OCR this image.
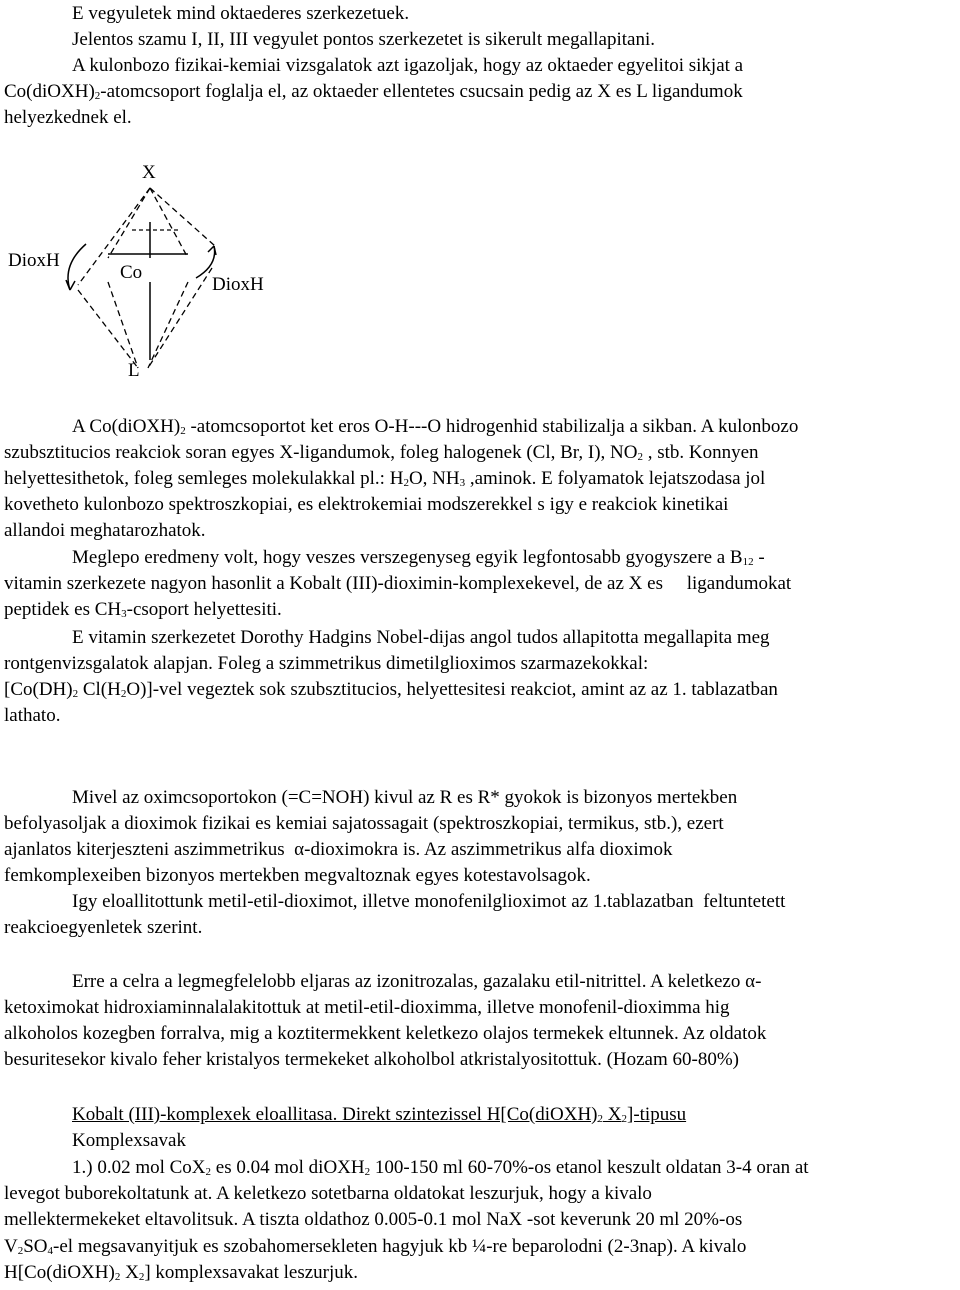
E vegyuletek mind oktaederes szerkezetuek.
Jelentos szamu I, II, III vegyulet pontos szerkezetet is sikerult megallapitani.
A kulonbozo fizikai-kemiai vizsgalatok azt igazoljak, hogy az oktaeder egyelitoi sikjat a
Co(diOXH)2-atomcsoport foglalja el, az oktaeder ellentetes csucsain pedig az X es L ligandumok
helyezkednek el.
X
DioxH
Co
DioxH
L
A Co(diOXH)2 -atomcsoportot ket eros O-H---O hidrogenhid stabilizalja a sikban. A kulonbozo
szubsztitucios reakciok soran egyes X-ligandumok, foleg halogenek (Cl, Br, I), NO2 , stb. Konnyen
helyettesithetok, foleg semleges molekulakkal pl.: H2O, NH3 ,aminok. E folyamatok lejatszodasa jol
kovetheto kulonbozo spektroszkopiai, es elektrokemiai modszerekkel s igy e reakciok kinetikai
allandoi meghatarozhatok.
Meglepo eredmeny volt, hogy veszes verszegenyseg egyik legfontosabb gyogyszere a B12 -
vitamin szerkezete nagyon hasonlit a Kobalt (III)-dioximin-komplexekevel, de az X es     ligandumokat
peptidek es CH3-csoport helyettesiti.
E vitamin szerkezetet Dorothy Hadgins Nobel-dijas angol tudos allapitotta megallapita meg
rontgenvizsgalatok alapjan. Foleg a szimmetrikus dimetilglioximos szarmazekokkal:
[Co(DH)2 Cl(H2O)]-vel vegeztek sok szubsztitucios, helyettesitesi reakciot, amint az az 1. tablazatban
lathato.
Mivel az oximcsoportokon (=C=NOH) kivul az R es R* gyokok is bizonyos mertekben
befolyasoljak a dioximok fizikai es kemiai sajatossagait (spektroszkopiai, termikus, stb.), ezert
ajanlatos kiterjeszteni aszimmetrikus  α-dioximokra is. Az aszimmetrikus alfa dioximok
femkomplexeiben bizonyos mertekben megvaltoznak egyes kotestavolsagok.
Igy eloallitottunk metil-etil-dioximot, illetve monofenilglioximot az 1.tablazatban  feltuntetett
reakcioegyenletek szerint.
Erre a celra a legmegfelelobb eljaras az izonitrozalas, gazalaku etil-nitrittel. A keletkezo α-
ketoximokat hidroxiaminnalalakitottuk at metil-etil-dioximma, illetve monofenil-dioximma hig
alkoholos kozegben forralva, mig a koztitermekkent keletkezo olajos termekek eltunnek. Az oldatok
besuritesekor kivalo feher kristalyos termekeket alkoholbol atkristalyositottuk. (Hozam 60-80%)
Kobalt (III)-komplexek eloallitasa. Direkt szintezissel H[Co(diOXH)2 X2]-tipusu
Komplexsavak
1.) 0.02 mol CoX2 es 0.04 mol diOXH2 100-150 ml 60-70%-os etanol keszult oldatan 3-4 oran at
levegot buborekoltatunk at. A keletkezo sotetbarna oldatokat leszurjuk, hogy a kivalo
mellektermekeket eltavolitsuk. A tiszta oldathoz 0.005-0.1 mol NaX -sot keverunk 20 ml 20%-os
V2SO4-el megsavanyitjuk es szobahomersekleten hagyjuk kb ¼-re beparolodni (2-3nap). A kivalo
H[Co(diOXH)2 X2] komplexsavakat leszurjuk.
